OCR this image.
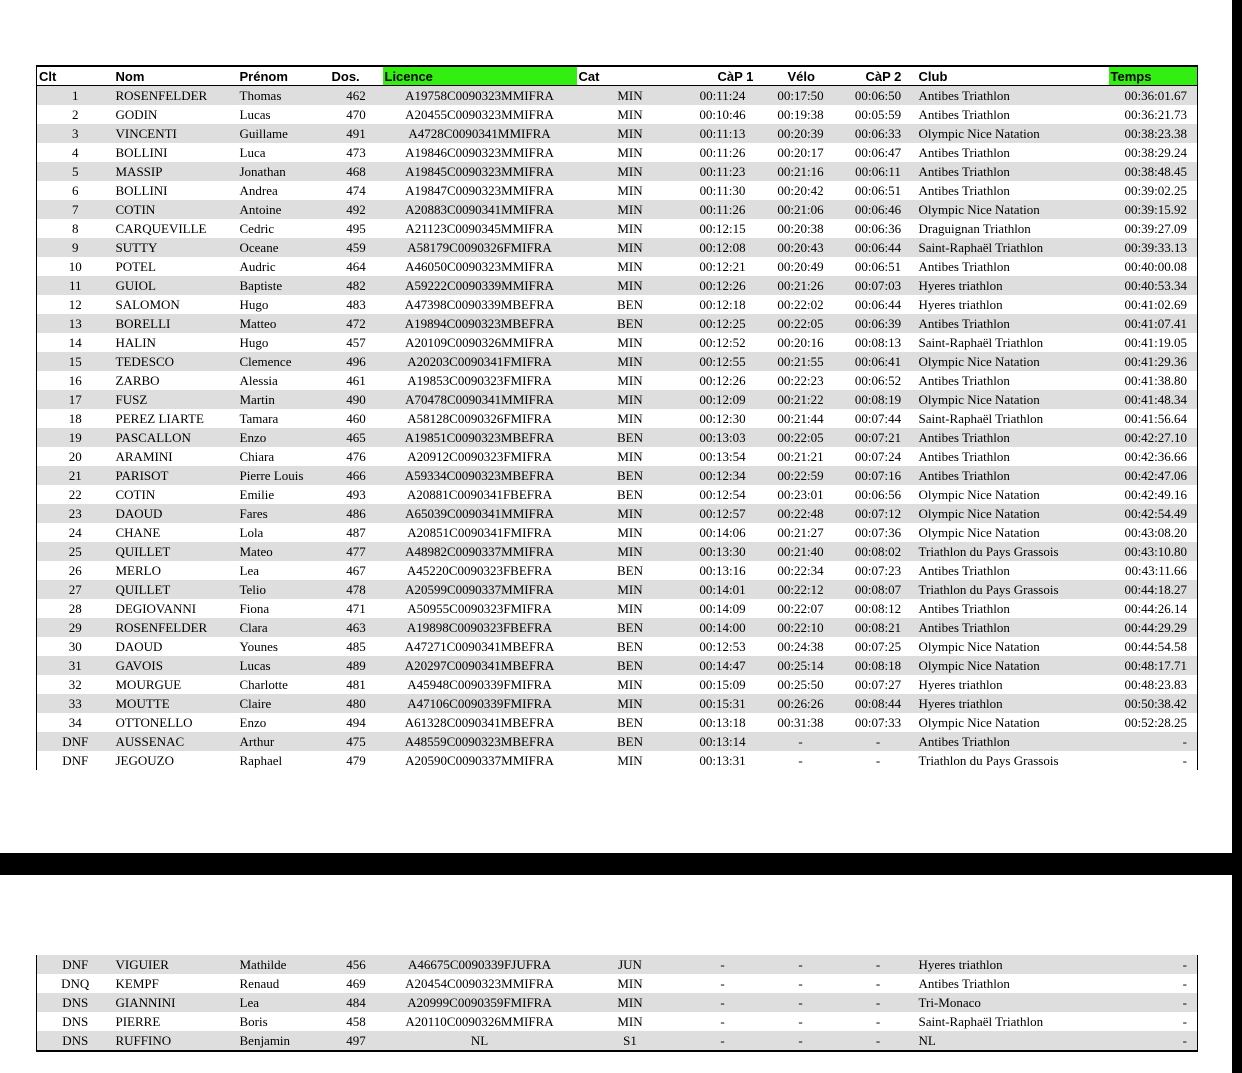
Clt	Nom	Prénom	Dos.	Licence	Cat	CàP 1	Vélo	CàP 2	Club	Temps
1	ROSENFELDER	Thomas	462	A19758C0090323MMIFRA	MIN	00:11:24	00:17:50	00:06:50	Antibes Triathlon	00:36:01.67
2	GODIN	Lucas	470	A20455C0090323MMIFRA	MIN	00:10:46	00:19:38	00:05:59	Antibes Triathlon	00:36:21.73
3	VINCENTI	Guillame	491	A4728C0090341MMIFRA	MIN	00:11:13	00:20:39	00:06:33	Olympic Nice Natation	00:38:23.38
4	BOLLINI	Luca	473	A19846C0090323MMIFRA	MIN	00:11:26	00:20:17	00:06:47	Antibes Triathlon	00:38:29.24
5	MASSIP	Jonathan	468	A19845C0090323MMIFRA	MIN	00:11:23	00:21:16	00:06:11	Antibes Triathlon	00:38:48.45
6	BOLLINI	Andrea	474	A19847C0090323MMIFRA	MIN	00:11:30	00:20:42	00:06:51	Antibes Triathlon	00:39:02.25
7	COTIN	Antoine	492	A20883C0090341MMIFRA	MIN	00:11:26	00:21:06	00:06:46	Olympic Nice Natation	00:39:15.92
8	CARQUEVILLE	Cedric	495	A21123C0090345MMIFRA	MIN	00:12:15	00:20:38	00:06:36	Draguignan Triathlon	00:39:27.09
9	SUTTY	Oceane	459	A58179C0090326FMIFRA	MIN	00:12:08	00:20:43	00:06:44	Saint-Raphaël Triathlon	00:39:33.13
10	POTEL	Audric	464	A46050C0090323MMIFRA	MIN	00:12:21	00:20:49	00:06:51	Antibes Triathlon	00:40:00.08
11	GUIOL	Baptiste	482	A59222C0090339MMIFRA	MIN	00:12:26	00:21:26	00:07:03	Hyeres triathlon	00:40:53.34
12	SALOMON	Hugo	483	A47398C0090339MBEFRA	BEN	00:12:18	00:22:02	00:06:44	Hyeres triathlon	00:41:02.69
13	BORELLI	Matteo	472	A19894C0090323MBEFRA	BEN	00:12:25	00:22:05	00:06:39	Antibes Triathlon	00:41:07.41
14	HALIN	Hugo	457	A20109C0090326MMIFRA	MIN	00:12:52	00:20:16	00:08:13	Saint-Raphaël Triathlon	00:41:19.05
15	TEDESCO	Clemence	496	A20203C0090341FMIFRA	MIN	00:12:55	00:21:55	00:06:41	Olympic Nice Natation	00:41:29.36
16	ZARBO	Alessia	461	A19853C0090323FMIFRA	MIN	00:12:26	00:22:23	00:06:52	Antibes Triathlon	00:41:38.80
17	FUSZ	Martin	490	A70478C0090341MMIFRA	MIN	00:12:09	00:21:22	00:08:19	Olympic Nice Natation	00:41:48.34
18	PEREZ LIARTE	Tamara	460	A58128C0090326FMIFRA	MIN	00:12:30	00:21:44	00:07:44	Saint-Raphaël Triathlon	00:41:56.64
19	PASCALLON	Enzo	465	A19851C0090323MBEFRA	BEN	00:13:03	00:22:05	00:07:21	Antibes Triathlon	00:42:27.10
20	ARAMINI	Chiara	476	A20912C0090323FMIFRA	MIN	00:13:54	00:21:21	00:07:24	Antibes Triathlon	00:42:36.66
21	PARISOT	Pierre Louis	466	A59334C0090323MBEFRA	BEN	00:12:34	00:22:59	00:07:16	Antibes Triathlon	00:42:47.06
22	COTIN	Emilie	493	A20881C0090341FBEFRA	BEN	00:12:54	00:23:01	00:06:56	Olympic Nice Natation	00:42:49.16
23	DAOUD	Fares	486	A65039C0090341MMIFRA	MIN	00:12:57	00:22:48	00:07:12	Olympic Nice Natation	00:42:54.49
24	CHANE	Lola	487	A20851C0090341FMIFRA	MIN	00:14:06	00:21:27	00:07:36	Olympic Nice Natation	00:43:08.20
25	QUILLET	Mateo	477	A48982C0090337MMIFRA	MIN	00:13:30	00:21:40	00:08:02	Triathlon du Pays Grassois	00:43:10.80
26	MERLO	Lea	467	A45220C0090323FBEFRA	BEN	00:13:16	00:22:34	00:07:23	Antibes Triathlon	00:43:11.66
27	QUILLET	Telio	478	A20599C0090337MMIFRA	MIN	00:14:01	00:22:12	00:08:07	Triathlon du Pays Grassois	00:44:18.27
28	DEGIOVANNI	Fiona	471	A50955C0090323FMIFRA	MIN	00:14:09	00:22:07	00:08:12	Antibes Triathlon	00:44:26.14
29	ROSENFELDER	Clara	463	A19898C0090323FBEFRA	BEN	00:14:00	00:22:10	00:08:21	Antibes Triathlon	00:44:29.29
30	DAOUD	Younes	485	A47271C0090341MBEFRA	BEN	00:12:53	00:24:38	00:07:25	Olympic Nice Natation	00:44:54.58
31	GAVOIS	Lucas	489	A20297C0090341MBEFRA	BEN	00:14:47	00:25:14	00:08:18	Olympic Nice Natation	00:48:17.71
32	MOURGUE	Charlotte	481	A45948C0090339FMIFRA	MIN	00:15:09	00:25:50	00:07:27	Hyeres triathlon	00:48:23.83
33	MOUTTE	Claire	480	A47106C0090339FMIFRA	MIN	00:15:31	00:26:26	00:08:44	Hyeres triathlon	00:50:38.42
34	OTTONELLO	Enzo	494	A61328C0090341MBEFRA	BEN	00:13:18	00:31:38	00:07:33	Olympic Nice Natation	00:52:28.25
DNF	AUSSENAC	Arthur	475	A48559C0090323MBEFRA	BEN	00:13:14	-	-	Antibes Triathlon	-
DNF	JEGOUZO	Raphael	479	A20590C0090337MMIFRA	MIN	00:13:31	-	-	Triathlon du Pays Grassois	-
DNF	VIGUIER	Mathilde	456	A46675C0090339FJUFRA	JUN	-	-	-	Hyeres triathlon	-
DNQ	KEMPF	Renaud	469	A20454C0090323MMIFRA	MIN	-	-	-	Antibes Triathlon	-
DNS	GIANNINI	Lea	484	A20999C0090359FMIFRA	MIN	-	-	-	Tri-Monaco	-
DNS	PIERRE	Boris	458	A20110C0090326MMIFRA	MIN	-	-	-	Saint-Raphaël Triathlon	-
DNS	RUFFINO	Benjamin	497	NL	S1	-	-	-	NL	-
